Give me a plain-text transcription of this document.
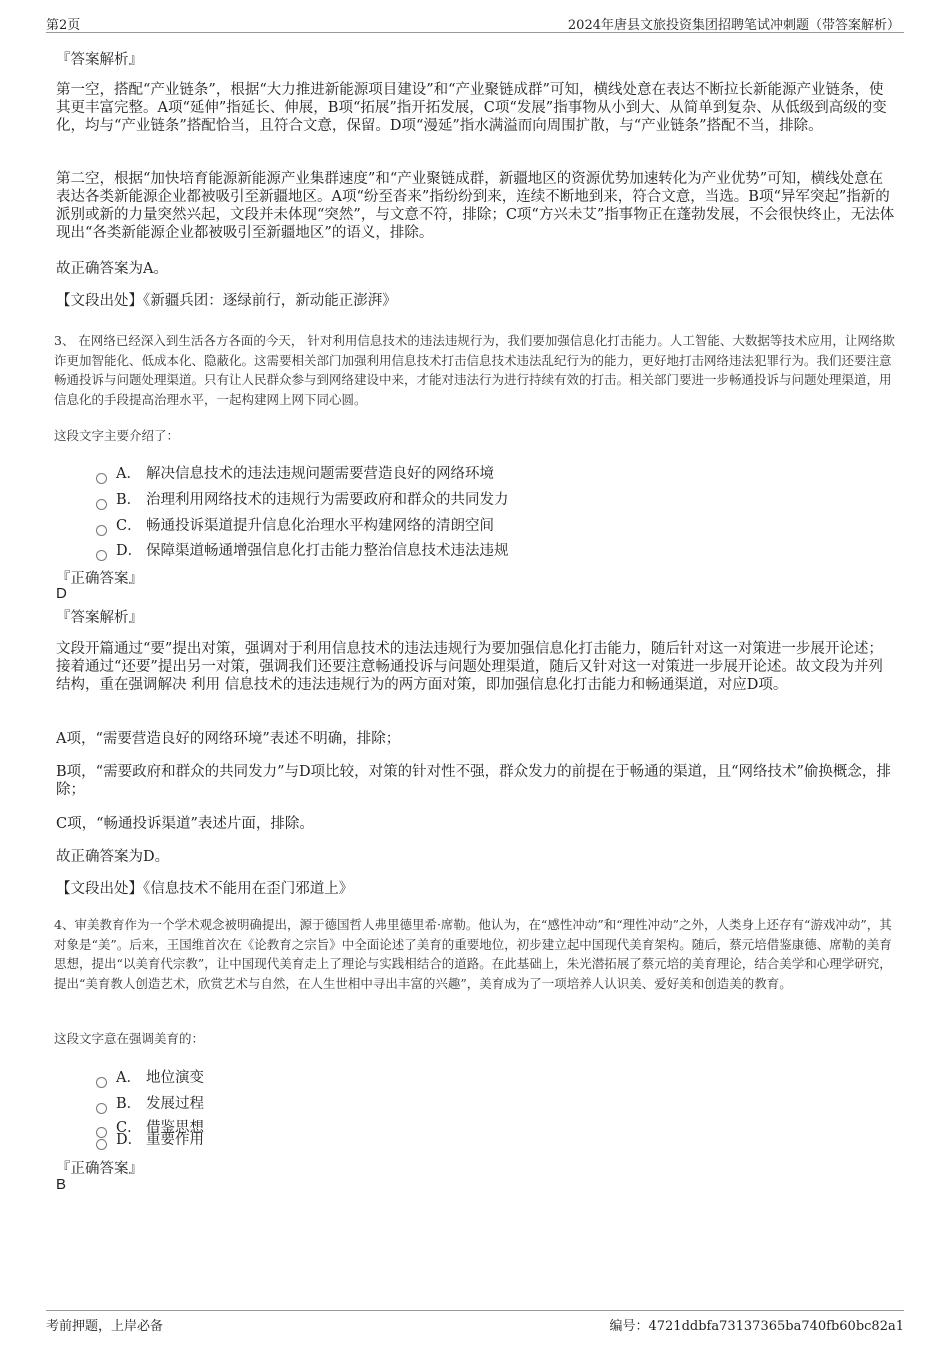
第2页	2024年唐县文旅投资集团招聘笔试冲刺题（带答案解析）
『答案解析』
第一空，搭配“产业链条”，根据“大力推进新能源项目建设”和“产业聚链成群”可知，横线处意在表达不断拉长新能源产业链条，使其更丰富完整。A项“延伸”指延长、伸展，B项“拓展”指开拓发展，C项“发展”指事物从小到大、从简单到复杂、从低级到高级的变化，均与“产业链条”搭配恰当，且符合文意，保留。D项“漫延”指水满溢而向周围扩散，与“产业链条”搭配不当，排除。
第二空，根据“加快培育能源新能源产业集群速度”和“产业聚链成群，新疆地区的资源优势加速转化为产业优势”可知，横线处意在表达各类新能源企业都被吸引至新疆地区。A项“纷至沓来”指纷纷到来，连续不断地到来，符合文意，当选。B项“异军突起”指新的派别或新的力量突然兴起，文段并未体现“突然”，与文意不符，排除；C项“方兴未艾”指事物正在蓬勃发展，不会很快终止，无法体现出“各类新能源企业都被吸引至新疆地区”的语义，排除。
故正确答案为A。
【文段出处】《新疆兵团：逐绿前行，新动能正澎湃》
3、 在网络已经深入到生活各方各面的今天， 针对利用信息技术的违法违规行为，我们要加强信息化打击能力。人工智能、大数据等技术应用，让网络欺诈更加智能化、低成本化、隐蔽化。这需要相关部门加强利用信息技术打击信息技术违法乱纪行为的能力，更好地打击网络违法犯罪行为。我们还要注意畅通投诉与问题处理渠道。只有让人民群众参与到网络建设中来，才能对违法行为进行持续有效的打击。相关部门要进一步畅通投诉与问题处理渠道，用信息化的手段提高治理水平，一起构建网上网下同心圆。
这段文字主要介绍了：
A． 解决信息技术的违法违规问题需要营造良好的网络环境
B． 治理利用网络技术的违规行为需要政府和群众的共同发力
C． 畅通投诉渠道提升信息化治理水平构建网络的清朗空间
D． 保障渠道畅通增强信息化打击能力整治信息技术违法违规
『正确答案』
D
『答案解析』
文段开篇通过“要”提出对策，强调对于利用信息技术的违法违规行为要加强信息化打击能力，随后针对这一对策进一步展开论述；接着通过“还要”提出另一对策，强调我们还要注意畅通投诉与问题处理渠道，随后又针对这一对策进一步展开论述。故文段为并列结构，重在强调解决 利用 信息技术的违法违规行为的两方面对策，即加强信息化打击能力和畅通渠道，对应D项。
A项，“需要营造良好的网络环境”表述不明确，排除；
B项，“需要政府和群众的共同发力”与D项比较，对策的针对性不强，群众发力的前提在于畅通的渠道，且“网络技术”偷换概念，排除；
C项，“畅通投诉渠道”表述片面，排除。
故正确答案为D。
【文段出处】《信息技术不能用在歪门邪道上》
4、审美教育作为一个学术观念被明确提出，源于德国哲人弗里德里希·席勒。他认为，在“感性冲动”和“理性冲动”之外，人类身上还存有“游戏冲动”，其对象是“美”。后来，王国维首次在《论教育之宗旨》中全面论述了美育的重要地位，初步建立起中国现代美育架构。随后，蔡元培借鉴康德、席勒的美育思想，提出“以美育代宗教”，让中国现代美育走上了理论与实践相结合的道路。在此基础上，朱光潜拓展了蔡元培的美育理论，结合美学和心理学研究，提出“美育教人创造艺术，欣赏艺术与自然，在人生世相中寻出丰富的兴趣”，美育成为了一项培养人认识美、爱好美和创造美的教育。
这段文字意在强调美育的：
A． 地位演变
B． 发展过程
C． 借鉴思想
D． 重要作用
『正确答案』
B
考前押题，上岸必备	编号：4721ddbfa73137365ba740fb60bc82a1
